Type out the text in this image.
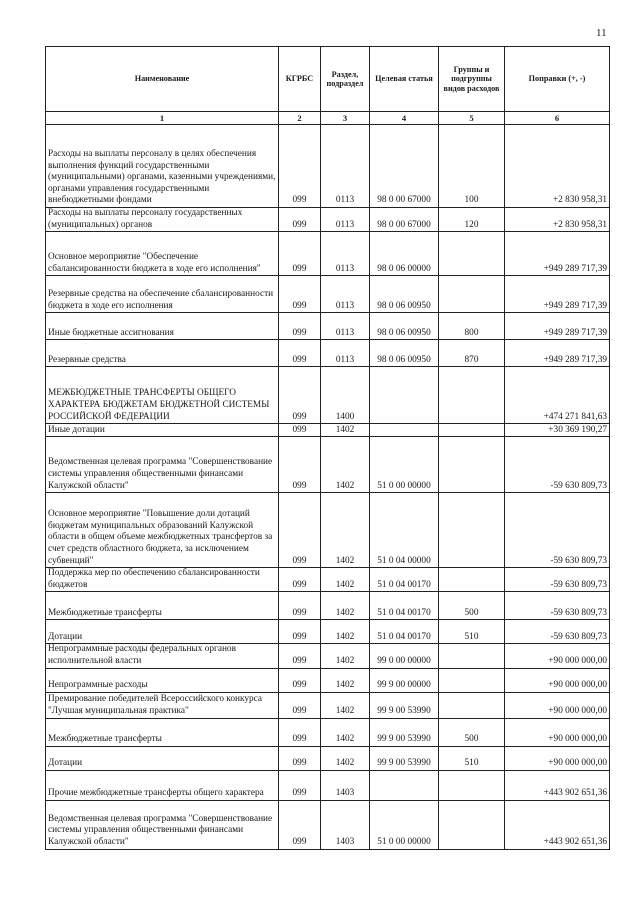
11
Наименование	КГРБС	Раздел, подраздел	Целевая статья	Группы и подгруппы видов расходов	Поправки (+, -)
1	2	3	4	5	6
Расходы на выплаты персоналу в целях обеспечения выполнения функций государственными (муниципальными) органами, казенными учреждениями, органами управления государственными внебюджетными фондами	099	0113	98 0 00 67000	100	+2 830 958,31
Расходы на выплаты персоналу государственных (муниципальных) органов	099	0113	98 0 00 67000	120	+2 830 958,31
Основное мероприятие "Обеспечение сбалансированности бюджета в ходе его исполнения"	099	0113	98 0 06 00000		+949 289 717,39
Резервные средства на обеспечение сбалансированности бюджета в ходе его исполнения	099	0113	98 0 06 00950		+949 289 717,39
Иные бюджетные ассигнования	099	0113	98 0 06 00950	800	+949 289 717,39
Резервные средства	099	0113	98 0 06 00950	870	+949 289 717,39
МЕЖБЮДЖЕТНЫЕ ТРАНСФЕРТЫ ОБЩЕГО ХАРАКТЕРА БЮДЖЕТАМ БЮДЖЕТНОЙ СИСТЕМЫ РОССИЙСКОЙ ФЕДЕРАЦИИ	099	1400			+474 271 841,63
Иные дотации	099	1402			+30 369 190,27
Ведомственная целевая программа "Совершенствование системы управления общественными финансами Калужской области"	099	1402	51 0 00 00000		-59 630 809,73
Основное мероприятие "Повышение доли дотаций бюджетам муниципальных образований Калужской области в общем объеме межбюджетных трансфертов за счет средств областного бюджета, за исключением субвенций"	099	1402	51 0 04 00000		-59 630 809,73
Поддержка мер по обеспечению сбалансированности бюджетов	099	1402	51 0 04 00170		-59 630 809,73
Межбюджетные трансферты	099	1402	51 0 04 00170	500	-59 630 809,73
Дотации	099	1402	51 0 04 00170	510	-59 630 809,73
Непрограммные расходы федеральных органов исполнительной власти	099	1402	99 0 00 00000		+90 000 000,00
Непрограммные расходы	099	1402	99 9 00 00000		+90 000 000,00
Премирование победителей Всероссийского конкурса "Лучшая муниципальная практика"	099	1402	99 9 00 53990		+90 000 000,00
Межбюджетные трансферты	099	1402	99 9 00 53990	500	+90 000 000,00
Дотации	099	1402	99 9 00 53990	510	+90 000 000,00
Прочие межбюджетные трансферты общего характера	099	1403			+443 902 651,36
Ведомственная целевая программа "Совершенствование системы управления общественными финансами Калужской области"	099	1403	51 0 00 00000		+443 902 651,36
